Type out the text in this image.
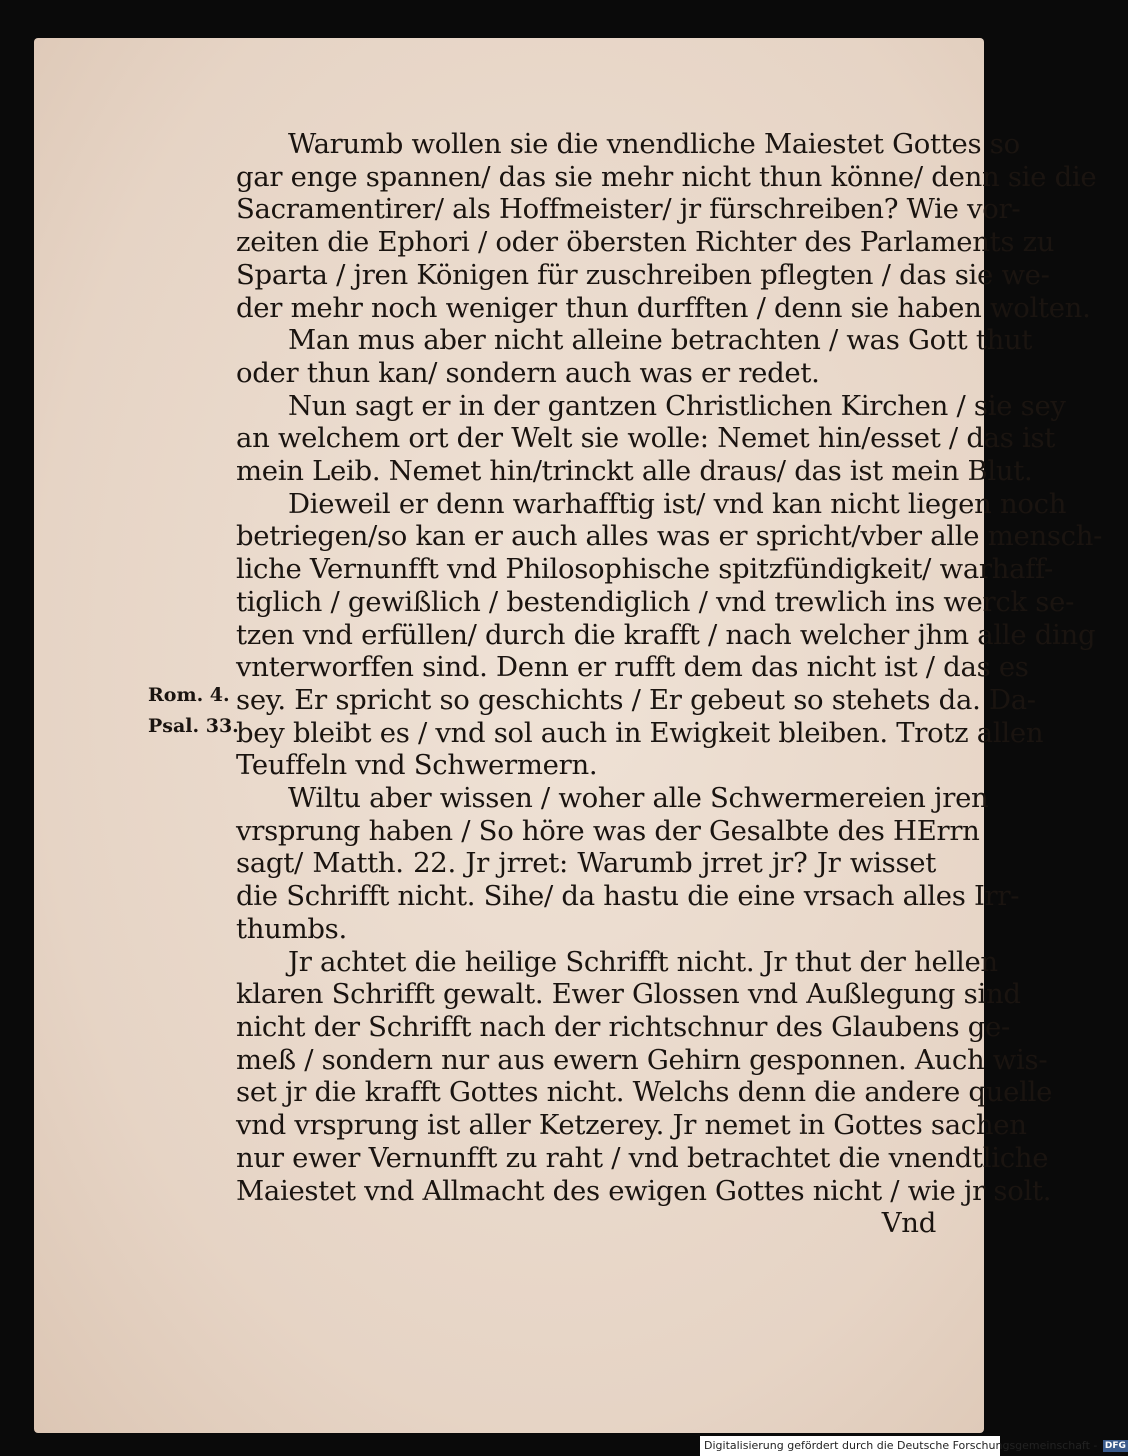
Warumb wollen sie die vnendliche Maiestet Gottes so
gar enge spannen/ das sie mehr nicht thun könne/ denn sie die
Sacramentirer/ als Hoffmeister/ jr fürschreiben? Wie vor-
zeiten die Ephori / oder öbersten Richter des Parlaments zu
Sparta / jren Königen für zuschreiben pflegten / das sie we-
der mehr noch weniger thun durfften / denn sie haben wolten.
Man mus aber nicht alleine betrachten / was Gott thut
oder thun kan/ sondern auch was er redet.
Nun sagt er in der gantzen Christlichen Kirchen / sie sey
an welchem ort der Welt sie wolle: Nemet hin/esset / das ist
mein Leib. Nemet hin/trinckt alle draus/ das ist mein Blut.
Dieweil er denn warhafftig ist/ vnd kan nicht liegen noch
betriegen/so kan er auch alles was er spricht/vber alle mensch-
liche Vernunfft vnd Philosophische spitzfündigkeit/ warhaff-
tiglich / gewißlich / bestendiglich / vnd trewlich ins werck se-
tzen vnd erfüllen/ durch die krafft / nach welcher jhm alle ding
vnterworffen sind. Denn er rufft dem das nicht ist / das es
sey. Er spricht so geschichts / Er gebeut so stehets da. Da-
bey bleibt es / vnd sol auch in Ewigkeit bleiben. Trotz allen
Teuffeln vnd Schwermern.
Wiltu aber wissen / woher alle Schwermereien jren
vrsprung haben / So höre was der Gesalbte des HErrn
sagt/ Matth. 22. Jr jrret: Warumb jrret jr? Jr wisset
die Schrifft nicht. Sihe/ da hastu die eine vrsach alles Irr-
thumbs.
Jr achtet die heilige Schrifft nicht. Jr thut der hellen
klaren Schrifft gewalt. Ewer Glossen vnd Außlegung sind
nicht der Schrifft nach der richtschnur des Glaubens ge-
meß / sondern nur aus ewern Gehirn gesponnen. Auch wis-
set jr die krafft Gottes nicht. Welchs denn die andere quelle
vnd vrsprung ist aller Ketzerey. Jr nemet in Gottes sachen
nur ewer Vernunfft zu raht / vnd betrachtet die vnendtliche
Maiestet vnd Allmacht des ewigen Gottes nicht / wie jr solt.
Vnd
Rom. 4.
Psal. 33.
Digitalisierung gefördert durch die Deutsche Forschungsgemeinschaft - DFG
